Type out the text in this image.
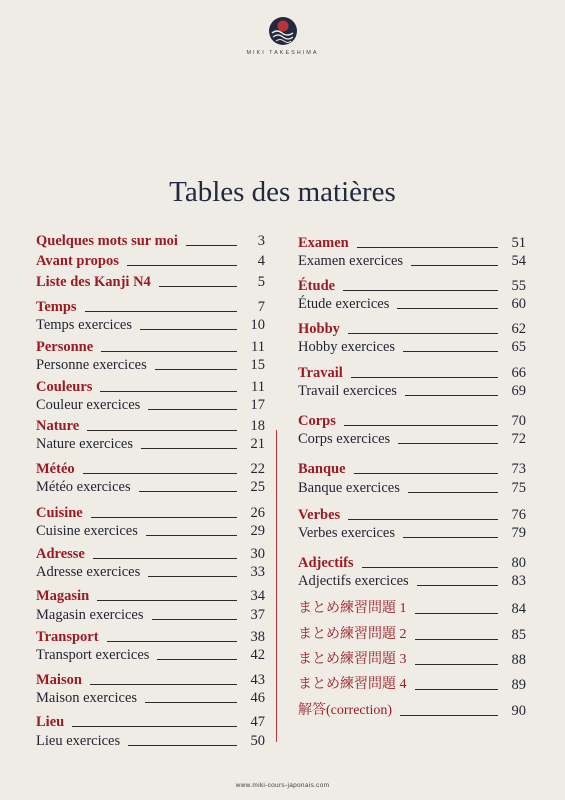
MIKI TAKESHIMA
Tables des matières
Quelques mots sur moi	3
Avant propos	4
Liste des Kanji N4	5
Temps	7
Temps exercices	10
Personne	11
Personne exercices	15
Couleurs	11
Couleur exercices	17
Nature	18
Nature exercices	21
Météo	22
Météo exercices	25
Cuisine	26
Cuisine exercices	29
Adresse	30
Adresse exercices	33
Magasin	34
Magasin exercices	37
Transport	38
Transport exercices	42
Maison	43
Maison exercices	46
Lieu	47
Lieu exercices	50
Examen	51
Examen exercices	54
Étude	55
Étude exercices	60
Hobby	62
Hobby exercices	65
Travail	66
Travail exercices	69
Corps	70
Corps exercices	72
Banque	73
Banque exercices	75
Verbes	76
Verbes exercices	79
Adjectifs	80
Adjectifs exercices	83
まとめ練習問題 1	84
まとめ練習問題 2	85
まとめ練習問題 3	88
まとめ練習問題 4	89
解答(correction)	90
www.miki-cours-japonais.com
